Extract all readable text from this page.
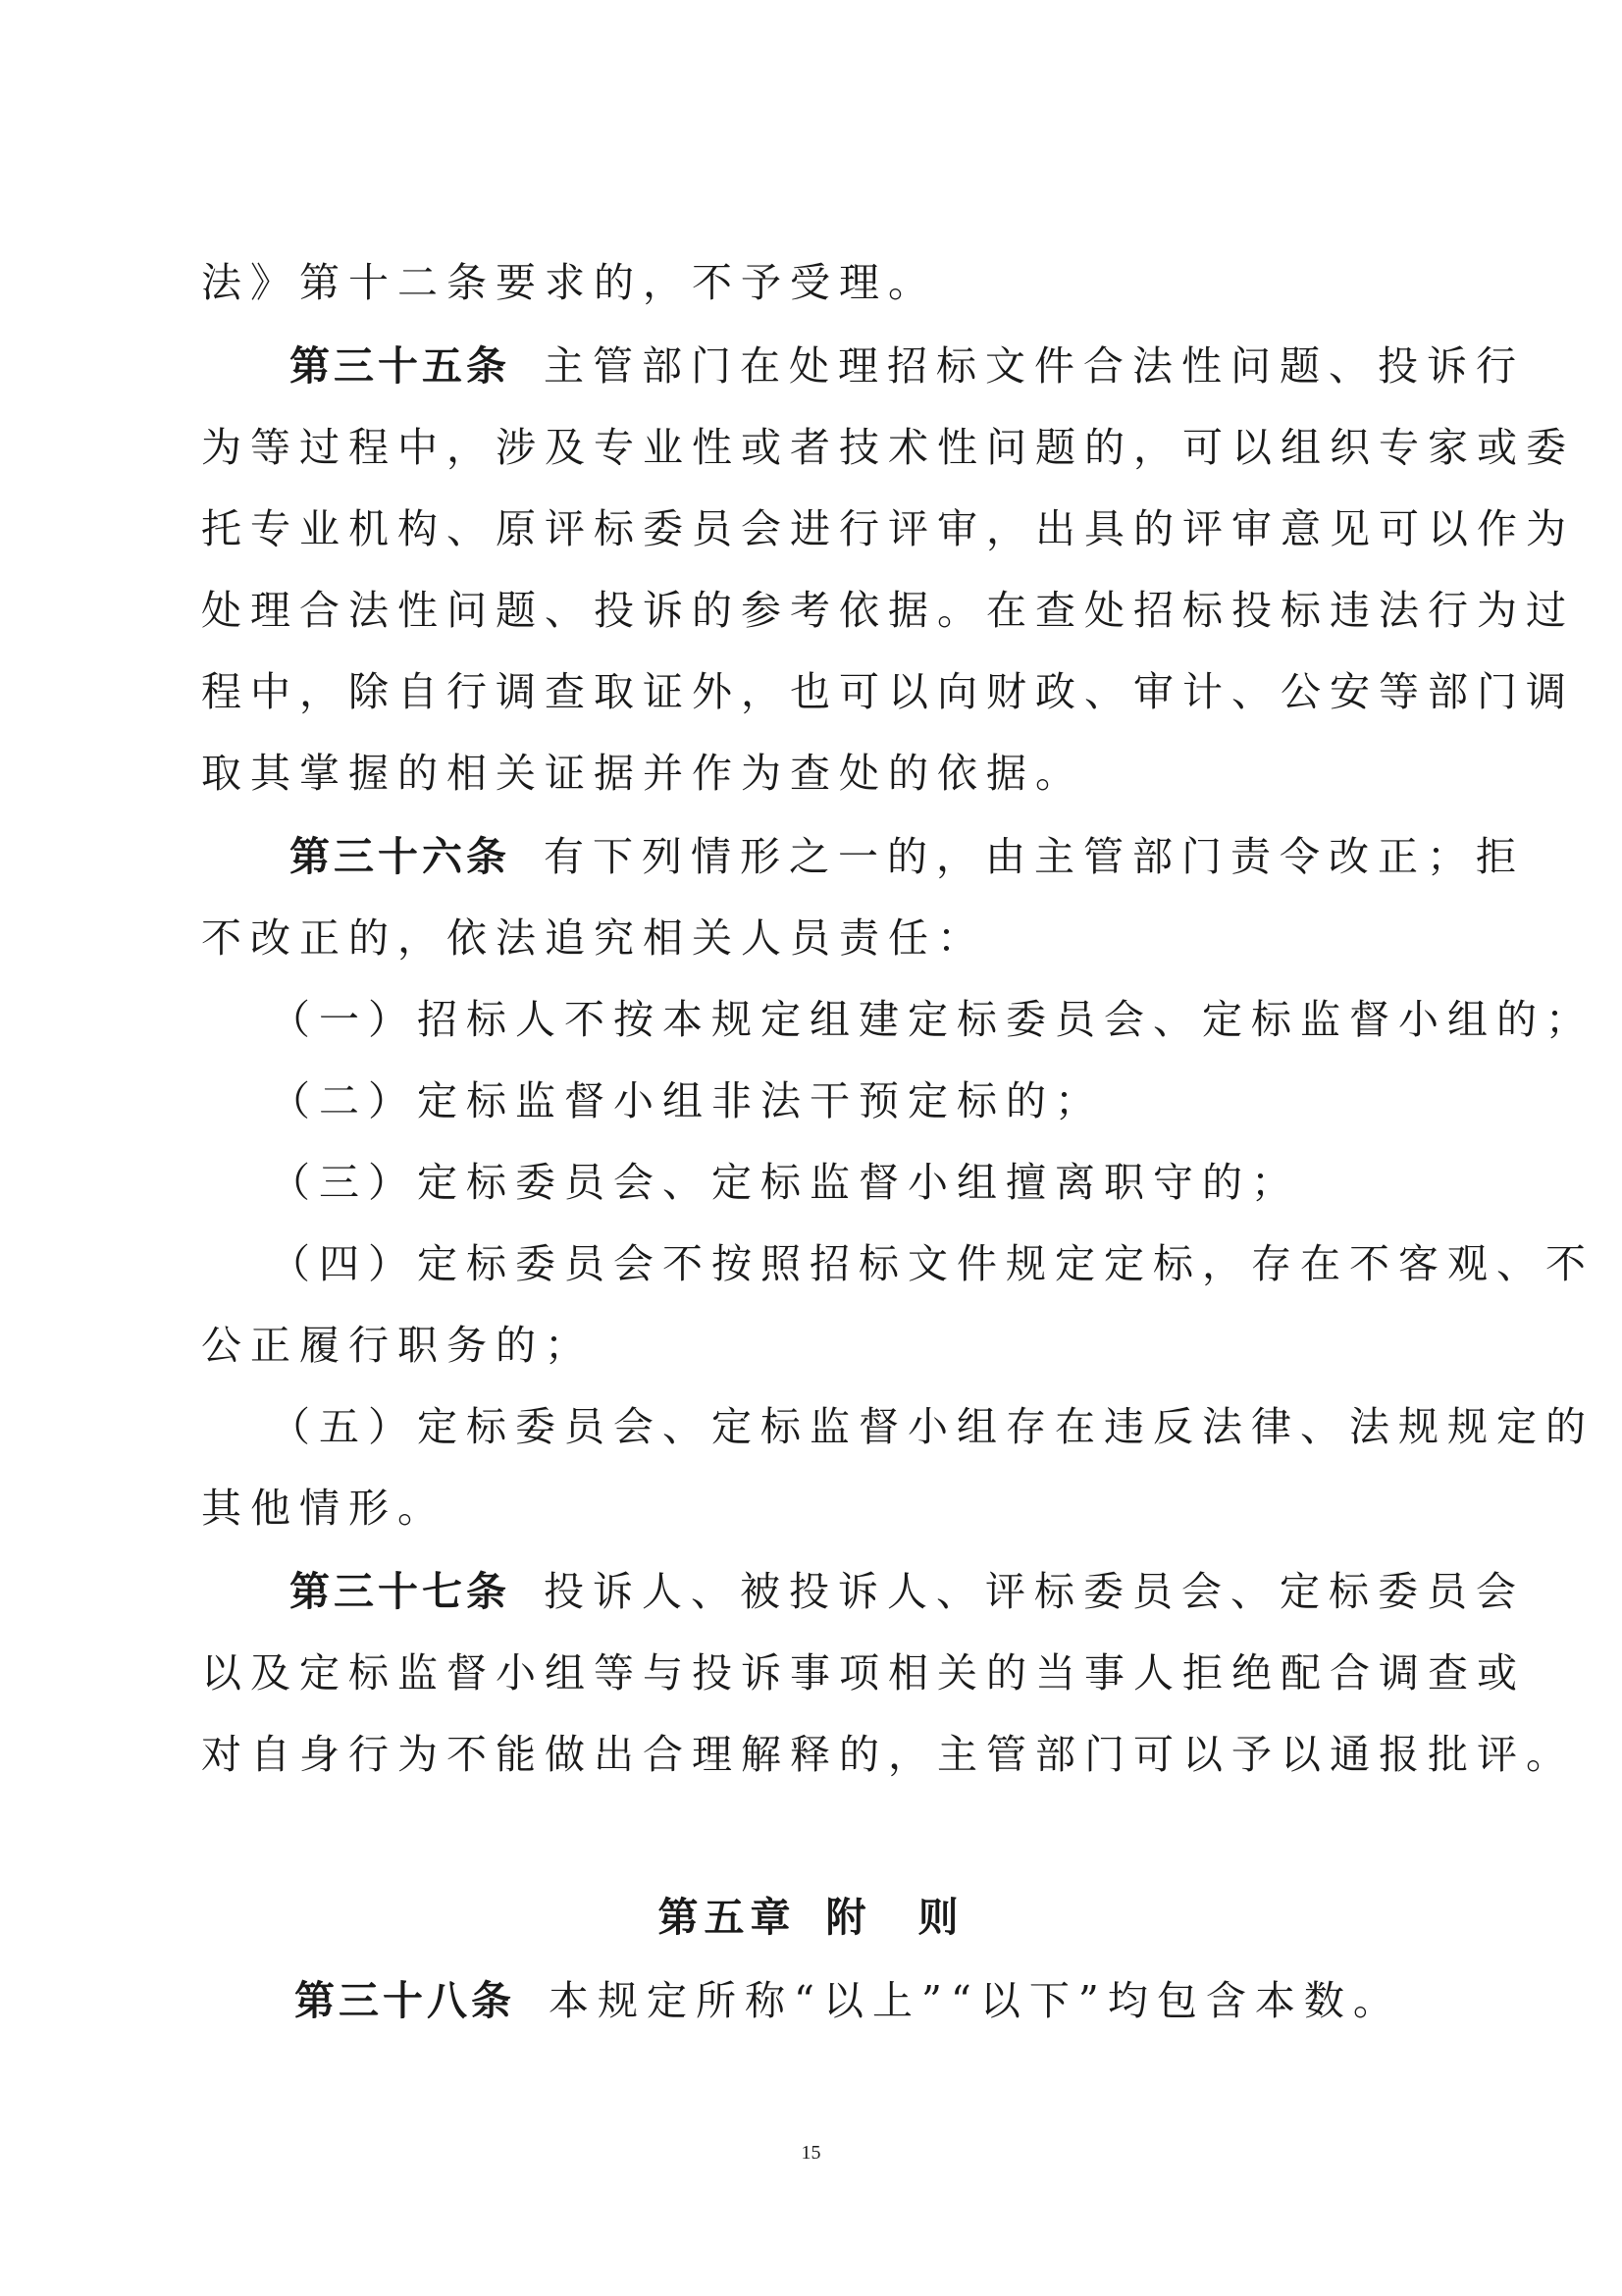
法》第十二条要求的，不予受理。
第三十五条 主管部门在处理招标文件合法性问题、投诉行
为等过程中，涉及专业性或者技术性问题的，可以组织专家或委
托专业机构、原评标委员会进行评审，出具的评审意见可以作为
处理合法性问题、投诉的参考依据。在查处招标投标违法行为过
程中，除自行调查取证外，也可以向财政、审计、公安等部门调
取其掌握的相关证据并作为查处的依据。
第三十六条 有下列情形之一的，由主管部门责令改正；拒
不改正的，依法追究相关人员责任：
（一）招标人不按本规定组建定标委员会、定标监督小组的；
（二）定标监督小组非法干预定标的；
（三）定标委员会、定标监督小组擅离职守的；
（四）定标委员会不按照招标文件规定定标，存在不客观、不
公正履行职务的；
（五）定标委员会、定标监督小组存在违反法律、法规规定的
其他情形。
第三十七条 投诉人、被投诉人、评标委员会、定标委员会
以及定标监督小组等与投诉事项相关的当事人拒绝配合调查或
对自身行为不能做出合理解释的，主管部门可以予以通报批评。
第五章 附　则
第三十八条 本规定所称“以上”“以下”均包含本数。
15
